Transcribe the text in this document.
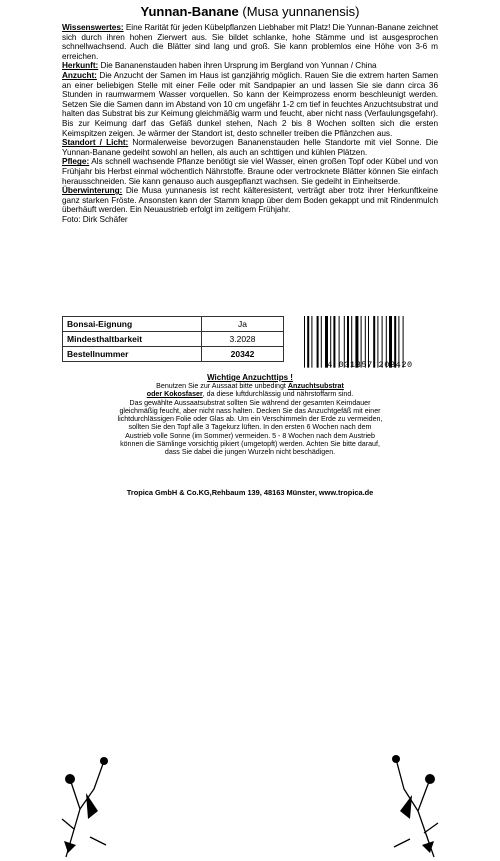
Yunnan-Banane (Musa yunnanensis)

Wissenswertes: Eine Rarität für jeden Kübelpflanzen Liebhaber mit Platz! Die Yunnan-Banane zeichnet sich durch ihren hohen Zierwert aus. Sie bildet schlanke, hohe Stämme und ist ausgesprochen schnellwachsend. Auch die Blätter sind lang und groß. Sie kann problemlos eine Höhe von 3-6 m erreichen.

Herkunft: Die Bananenstauden haben ihren Ursprung im Bergland von Yunnan / China

Anzucht: Die Anzucht der Samen im Haus ist ganzjährig möglich. Rauen Sie die extrem harten Samen an einer beliebigen Stelle mit einer Feile oder mit Sandpapier an und lassen Sie sie dann circa 36 Stunden in raumwarmem Wasser vorquellen. So kann der Keimprozess enorm beschleunigt werden. Setzen Sie die Samen dann im Abstand von 10 cm ungefähr 1-2 cm tief in feuchtes Anzuchtsubstrat und halten das Substrat bis zur Keimung gleichmäßig warm und feucht, aber nicht nass (Verfaulungsgefahr). Bis zur Keimung darf das Gefäß dunkel stehen, Nach 2 bis 8 Wochen sollten sich die ersten Keimspitzen zeigen. Je wärmer der Standort ist, desto schneller treiben die Pflänzchen aus.

Standort / Licht: Normalerweise bevorzugen Bananenstauden helle Standorte mit viel Sonne. Die Yunnan-Banane gedeiht sowohl an hellen, als auch an schttigen und kühlen Plätzen.

Pflege: Als schnell wachsende Pflanze benötigt sie viel Wasser, einen großen Topf oder Kübel und von Frühjahr bis Herbst einmal wöchentlich Nährstoffe. Braune oder vertrocknete Blätter können Sie einfach herausschneiden. Sie kann genauso auch ausgepflanzt wachsen. Sie gedeiht in Einheitserde.

Überwinterung: Die Musa yunnanesis ist recht kälteresistent, verträgt aber trotz ihrer Herkunftkeine ganz starken Fröste. Ansonsten kann der Stamm knapp über dem Boden gekappt und mit Rindenmulch überhäuft werden. Ein Neuaustrieb erfolgt im zeitigem Frühjahr.

Foto: Dirk Schäfer

Bonsai-Eignung	Ja
Mindesthaltbarkeit	3.2028
Bestellnummer	20342
4 031357 203420
Wichtige Anzuchttips !
Benutzen Sie zur Aussaat bitte unbedingt Anzuchtsubstrat
oder Kokosfaser, da diese luftdurchlässig und nährstoffarm sind.
Das gewählte Aussaatsubstrat sollten Sie während der gesamten Keimdauer gleichmäßig feucht, aber nicht nass halten. Decken Sie das Anzuchtgefäß mit einer lichtdurchlässigen Folie oder Glas ab. Um ein Verschimmeln der Erde zu vermeiden, sollten Sie den Topf alle 3 Tagekurz lüften. In den ersten 6 Wochen nach dem Austrieb volle Sonne (im Sommer) vermeiden. 5 - 8 Wochen nach dem Austrieb können die Sämlinge vorsichtig pikiert (umgetopft) werden. Achten Sie bitte darauf, dass Sie dabei die jungen Wurzeln nicht beschädigen.
Tropica GmbH & Co.KG,Rehbaum 139, 48163 Münster, www.tropica.de
